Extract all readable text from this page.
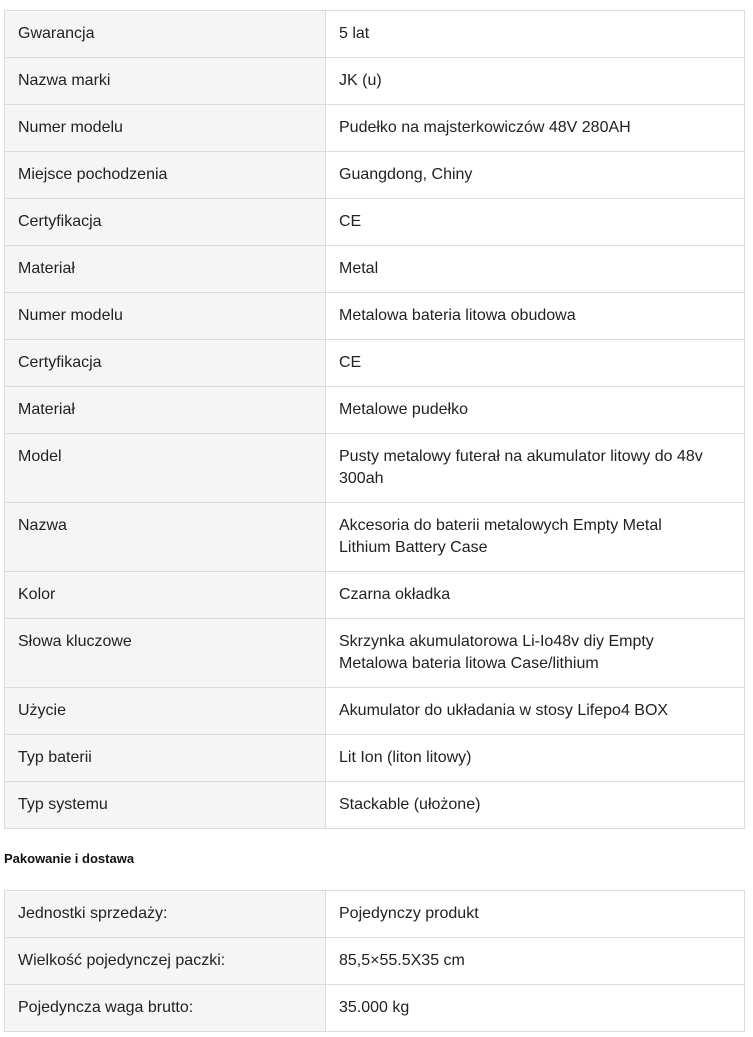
Gwarancja	5 lat
Nazwa marki	JK (u)
Numer modelu	Pudełko na majsterkowiczów 48V 280AH
Miejsce pochodzenia	Guangdong, Chiny
Certyfikacja	CE
Materiał	Metal
Numer modelu	Metalowa bateria litowa obudowa
Certyfikacja	CE
Materiał	Metalowe pudełko
Model	Pusty metalowy futerał na akumulator litowy do 48v 300ah
Nazwa	Akcesoria do baterii metalowych Empty Metal Lithium Battery Case
Kolor	Czarna okładka
Słowa kluczowe	Skrzynka akumulatorowa Li-Io48v diy Empty Metalowa bateria litowa Case/lithium
Użycie	Akumulator do układania w stosy Lifepo4 BOX
Typ baterii	Lit Ion (liton litowy)
Typ systemu	Stackable (ułożone)
Pakowanie i dostawa
Jednostki sprzedaży:	Pojedynczy produkt
Wielkość pojedynczej paczki:	85,5×55.5X35 cm
Pojedyncza waga brutto:	35.000 kg
